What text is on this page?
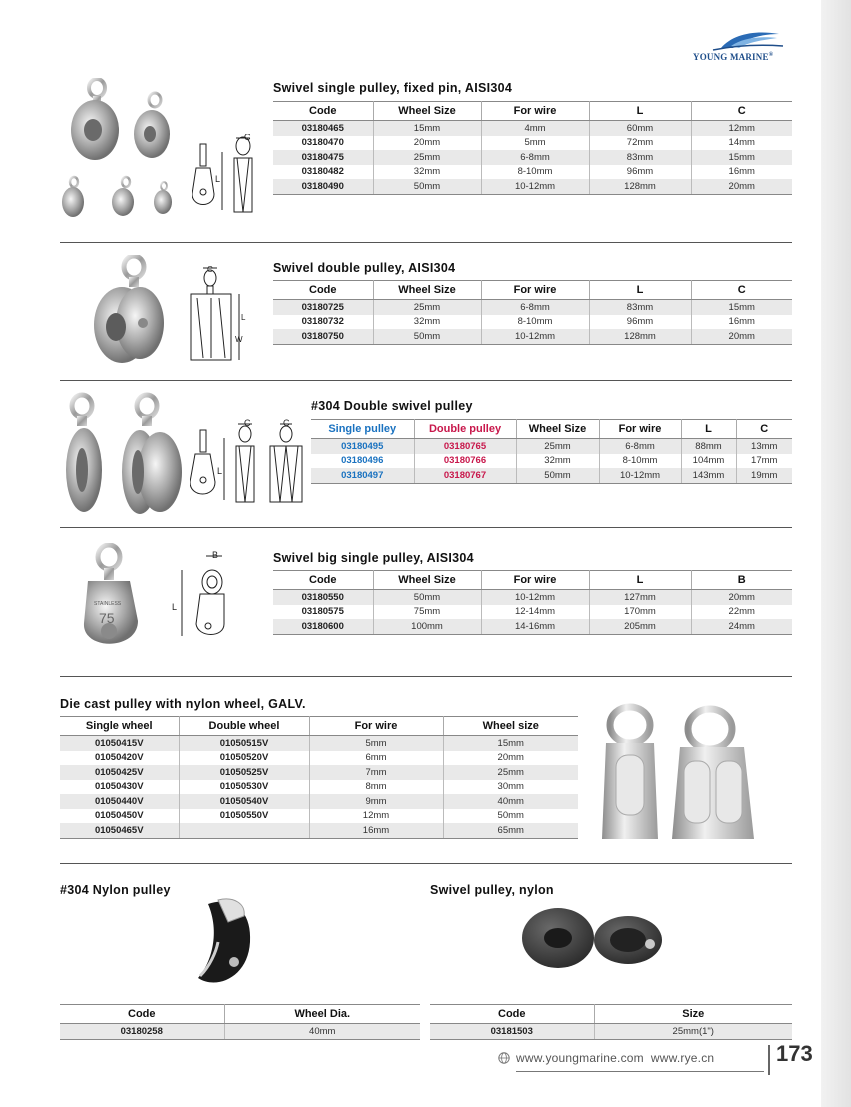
YOUNG MARINE®
C
L
Swivel single pulley, fixed pin, AISI304
Code	Wheel Size	For wire	L	C
03180465	15mm	4mm	60mm	12mm
03180470	20mm	5mm	72mm	14mm
03180475	25mm	6-8mm	83mm	15mm
03180482	32mm	8-10mm	96mm	16mm
03180490	50mm	10-12mm	128mm	20mm
C
L
W
Swivel double pulley, AISI304
Code	Wheel Size	For wire	L	C
03180725	25mm	6-8mm	83mm	15mm
03180732	32mm	8-10mm	96mm	16mm
03180750	50mm	10-12mm	128mm	20mm
C	C
L
#304 Double swivel pulley
Single pulley	Double pulley	Wheel Size	For wire	L	C
03180495	03180765	25mm	6-8mm	88mm	13mm
03180496	03180766	32mm	8-10mm	104mm	17mm
03180497	03180767	50mm	10-12mm	143mm	19mm
STAINLESS
75
B
L
Swivel big single pulley, AISI304
Code	Wheel Size	For wire	L	B
03180550	50mm	10-12mm	127mm	20mm
03180575	75mm	12-14mm	170mm	22mm
03180600	100mm	14-16mm	205mm	24mm
Die cast pulley with nylon wheel, GALV.
Single wheel	Double wheel	For wire	Wheel size
01050415V	01050515V	5mm	15mm
01050420V	01050520V	6mm	20mm
01050425V	01050525V	7mm	25mm
01050430V	01050530V	8mm	30mm
01050440V	01050540V	9mm	40mm
01050450V	01050550V	12mm	50mm
01050465V		16mm	65mm
#304 Nylon pulley
Code	Wheel Dia.
03180258	40mm
Swivel pulley, nylon
Code	Size
03181503	25mm(1")
www.youngmarine.com  www.rye.cn	173
